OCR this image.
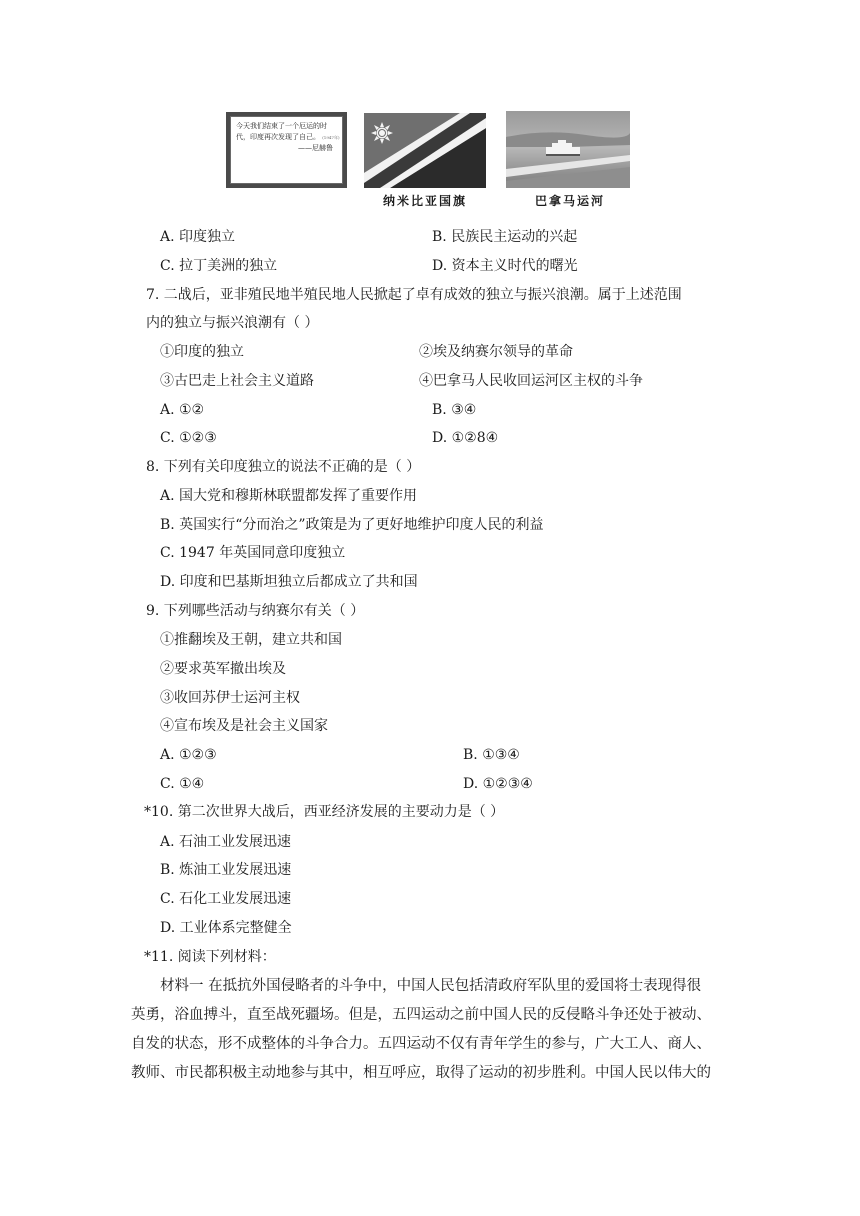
今天我们结束了一个厄运的时
代，印度再次发现了自己。 (1947年)
——尼赫鲁
纳米比亚国旗	巴拿马运河
A. 印度独立	B. 民族民主运动的兴起
C. 拉丁美洲的独立	D. 资本主义时代的曙光
7. 二战后，亚非殖民地半殖民地人民掀起了卓有成效的独立与振兴浪潮。属于上述范围
内的独立与振兴浪潮有（ ）
①印度的独立	②埃及纳赛尔领导的革命
③古巴走上社会主义道路	④巴拿马人民收回运河区主权的斗争
A. ①②	B. ③④
C. ①②③	D. ①②8④
8. 下列有关印度独立的说法不正确的是（ ）
A. 国大党和穆斯林联盟都发挥了重要作用
B. 英国实行“分而治之”政策是为了更好地维护印度人民的利益
C. 1947 年英国同意印度独立
D. 印度和巴基斯坦独立后都成立了共和国
9. 下列哪些活动与纳赛尔有关（ ）
①推翻埃及王朝，建立共和国
②要求英军撤出埃及
③收回苏伊士运河主权
④宣布埃及是社会主义国家
A. ①②③	B. ①③④
C. ①④	D. ①②③④
*10. 第二次世界大战后，西亚经济发展的主要动力是（ ）
A. 石油工业发展迅速
B. 炼油工业发展迅速
C. 石化工业发展迅速
D. 工业体系完整健全
*11. 阅读下列材料：
材料一 在抵抗外国侵略者的斗争中，中国人民包括清政府军队里的爱国将士表现得很
英勇，浴血搏斗，直至战死疆场。但是，五四运动之前中国人民的反侵略斗争还处于被动、
自发的状态，形不成整体的斗争合力。五四运动不仅有青年学生的参与，广大工人、商人、
教师、市民都积极主动地参与其中，相互呼应，取得了运动的初步胜利。中国人民以伟大的
